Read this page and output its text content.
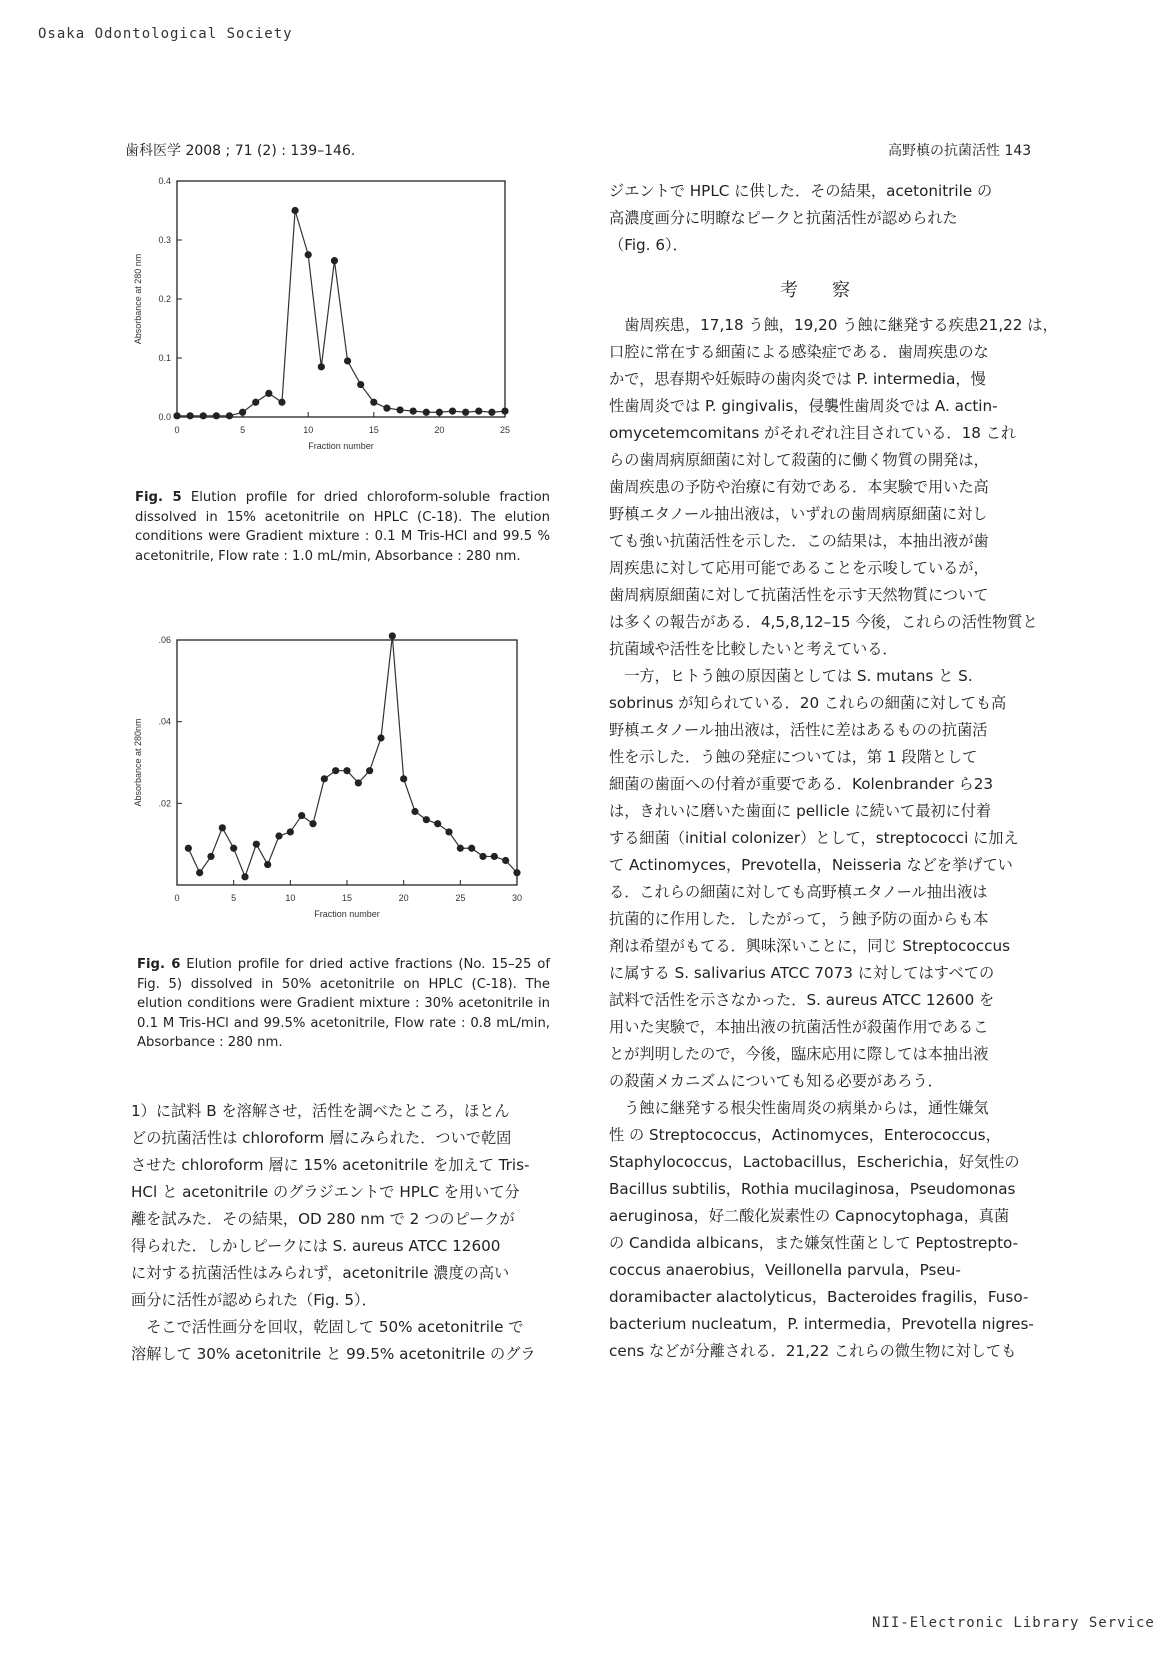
Osaka Odontological Society
歯科医学 2008 ; 71 (2) : 139–146.	高野槙の抗菌活性 143
NII-Electronic Library Service
0	5	10	15	20	25
0.0
0.1
0.2
0.3
0.4
Fraction number
Absorbance at 280 nm
Fig. 5 Elution profile for dried chloroform-soluble fraction dissolved in 15% acetonitrile on HPLC (C-18). The elution conditions were Gradient mixture : 0.1 M Tris-HCl and 99.5 % acetonitrile, Flow rate : 1.0 mL/min, Absorbance : 280 nm.
0	5	10	15	20	25	30
.02
.04
.06
Fraction number
Absorbance at 280nm
Fig. 6 Elution profile for dried active fractions (No. 15–25 of Fig. 5) dissolved in 50% acetonitrile on HPLC (C-18). The elution conditions were Gradient mixture : 30% acetonitrile in 0.1 M Tris-HCl and 99.5% acetonitrile, Flow rate : 0.8 mL/min, Absorbance : 280 nm.
1）に試料 B を溶解させ，活性を調べたところ，ほとん
どの抗菌活性は chloroform 層にみられた．ついで乾固
させた chloroform 層に 15% acetonitrile を加えて Tris-
HCl と acetonitrile のグラジエントで HPLC を用いて分
離を試みた．その結果，OD 280 nm で 2 つのピークが
得られた．しかしピークには S. aureus ATCC 12600
に対する抗菌活性はみられず，acetonitrile 濃度の高い
画分に活性が認められた（Fig. 5）．
　そこで活性画分を回収，乾固して 50% acetonitrile で
溶解して 30% acetonitrile と 99.5% acetonitrile のグラ
ジエントで HPLC に供した．その結果，acetonitrile の
高濃度画分に明瞭なピークと抗菌活性が認められた
（Fig. 6）．
考察
　歯周疾患，17,18 う蝕，19,20 う蝕に継発する疾患21,22 は，
口腔に常在する細菌による感染症である．歯周疾患のな
かで，思春期や妊娠時の歯肉炎では P. intermedia，慢
性歯周炎では P. gingivalis，侵襲性歯周炎では A. actin-
omycetemcomitans がそれぞれ注目されている．18 これ
らの歯周病原細菌に対して殺菌的に働く物質の開発は，
歯周疾患の予防や治療に有効である．本実験で用いた高
野槙エタノール抽出液は，いずれの歯周病原細菌に対し
ても強い抗菌活性を示した．この結果は，本抽出液が歯
周疾患に対して応用可能であることを示唆しているが，
歯周病原細菌に対して抗菌活性を示す天然物質について
は多くの報告がある．4,5,8,12–15 今後，これらの活性物質と
抗菌域や活性を比較したいと考えている．
　一方，ヒトう蝕の原因菌としては S. mutans と S.
sobrinus が知られている．20 これらの細菌に対しても高
野槙エタノール抽出液は，活性に差はあるものの抗菌活
性を示した．う蝕の発症については，第 1 段階として
細菌の歯面への付着が重要である．Kolenbrander ら23
は，きれいに磨いた歯面に pellicle に続いて最初に付着
する細菌（initial colonizer）として，streptococci に加え
て Actinomyces，Prevotella，Neisseria などを挙げてい
る．これらの細菌に対しても高野槙エタノール抽出液は
抗菌的に作用した．したがって，う蝕予防の面からも本
剤は希望がもてる．興味深いことに，同じ Streptococcus
に属する S. salivarius ATCC 7073 に対してはすべての
試料で活性を示さなかった．S. aureus ATCC 12600 を
用いた実験で，本抽出液の抗菌活性が殺菌作用であるこ
とが判明したので，今後，臨床応用に際しては本抽出液
の殺菌メカニズムについても知る必要があろう．
　う蝕に継発する根尖性歯周炎の病巣からは，通性嫌気
性 の Streptococcus，Actinomyces，Enterococcus，
Staphylococcus，Lactobacillus，Escherichia，好気性の
Bacillus subtilis，Rothia mucilaginosa，Pseudomonas
aeruginosa，好二酸化炭素性の Capnocytophaga，真菌
の Candida albicans，また嫌気性菌として Peptostrepto-
coccus anaerobius，Veillonella parvula，Pseu-
doramibacter alactolyticus，Bacteroides fragilis，Fuso-
bacterium nucleatum，P. intermedia，Prevotella nigres-
cens などが分離される．21,22 これらの微生物に対しても
